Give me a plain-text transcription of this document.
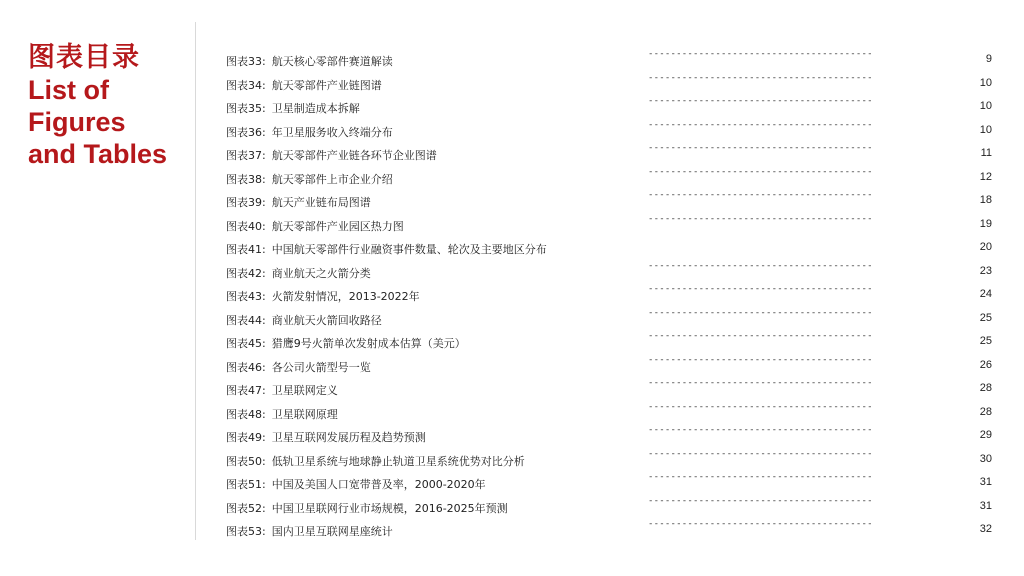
图表目录
List of
Figures
and Tables
图表33: 航天核心零部件赛道解读
----------------------------------------	9
图表34: 航天零部件产业链图谱
----------------------------------------	10
图表35: 卫星制造成本拆解
----------------------------------------	10
图表36: 年卫星服务收入终端分布
----------------------------------------	10
图表37: 航天零部件产业链各环节企业图谱
----------------------------------------	11
图表38: 航天零部件上市企业介绍
----------------------------------------	12
图表39: 航天产业链布局图谱
----------------------------------------	18
图表40: 航天零部件产业园区热力图
----------------------------------------	19
图表41: 中国航天零部件行业融资事件数量、轮次及主要地区分布	20
图表42: 商业航天之火箭分类
----------------------------------------	23
图表43: 火箭发射情况，2013-2022年
----------------------------------------	24
图表44: 商业航天火箭回收路径
----------------------------------------	25
图表45: 猎鹰9号火箭单次发射成本估算（美元）
----------------------------------------	25
图表46: 各公司火箭型号一览
----------------------------------------	26
图表47: 卫星联网定义
----------------------------------------	28
图表48: 卫星联网原理
----------------------------------------	28
图表49: 卫星互联网发展历程及趋势预测
----------------------------------------	29
图表50: 低轨卫星系统与地球静止轨道卫星系统优势对比分析
----------------------------------------	30
图表51: 中国及美国人口宽带普及率，2000-2020年
----------------------------------------	31
图表52: 中国卫星联网行业市场规模，2016-2025年预测
----------------------------------------	31
图表53: 国内卫星互联网星座统计
----------------------------------------	32
